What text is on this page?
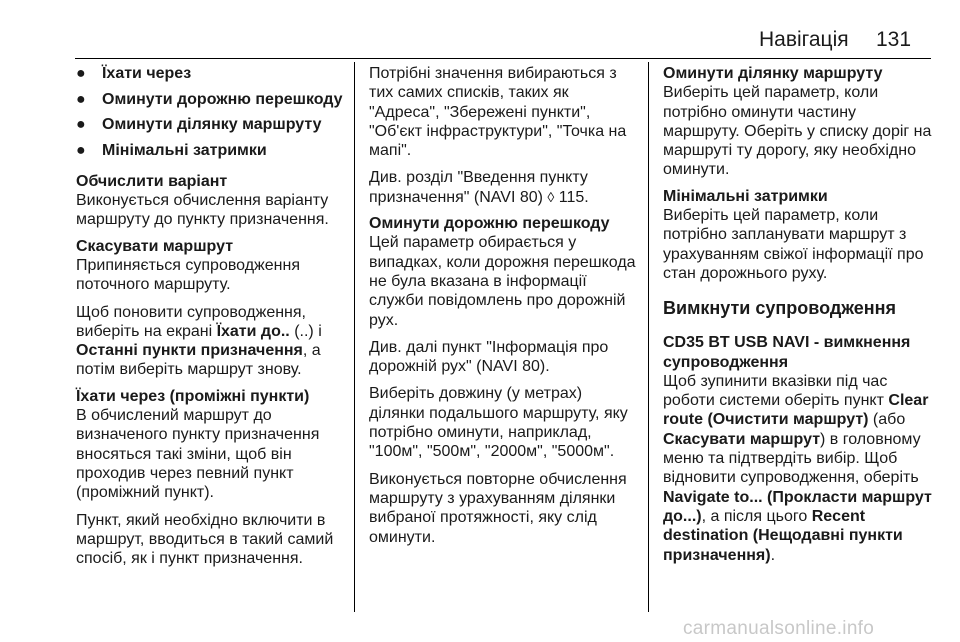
Навігація 131
●	Їхати через
●	Оминути дорожню перешкоду
●	Оминути ділянку маршруту
●	Мінімальні затримки
Обчислити варіант
Виконується обчислення варіанту маршруту до пункту призначення.
Скасувати маршрут
Припиняється супроводження поточного маршруту.
Щоб поновити супроводження, виберіть на екрані Їхати до.. (..) і Останні пункти призначення, а потім виберіть маршрут знову.
Їхати через (проміжні пункти)
В обчислений маршрут до визначеного пункту призначення вносяться такі зміни, щоб він проходив через певний пункт (проміжний пункт).
Пункт, який необхідно включити в маршрут, вводиться в такий самий спосіб, як і пункт призначення.
Потрібні значення вибираються з тих самих списків, таких як "Адреса", "Збережені пункти", "Об'єкт інфраструктури", "Точка на мапі".
Див. розділ "Введення пункту призначення" (NAVI 80) ◊ 115.
Оминути дорожню перешкоду
Цей параметр обирається у випадках, коли дорожня перешкода не була вказана в інформації служби повідомлень про дорожній рух.
Див. далі пункт "Інформація про дорожній рух" (NAVI 80).
Виберіть довжину (у метрах) ділянки подальшого маршруту, яку потрібно оминути, наприклад, "100м", "500м", "2000м", "5000м".
Виконується повторне обчислення маршруту з урахуванням ділянки вибраної протяжності, яку слід оминути.
Оминути ділянку маршруту
Виберіть цей параметр, коли потрібно оминути частину маршруту. Оберіть у списку доріг на маршруті ту дорогу, яку необхідно оминути.
Мінімальні затримки
Виберіть цей параметр, коли потрібно запланувати маршрут з урахуванням свіжої інформації про стан дорожнього руху.
Вимкнути супроводження
CD35 BT USB NAVI - вимкнення супроводження
Щоб зупинити вказівки під час роботи системи оберіть пункт Clear route (Очистити маршрут) (або Скасувати маршрут) в головному меню та підтвердіть вибір. Щоб відновити супроводження, оберіть Navigate to... (Прокласти маршрут до...), а після цього Recent destination (Нещодавні пункти призначення).
carmanualsonline.info
